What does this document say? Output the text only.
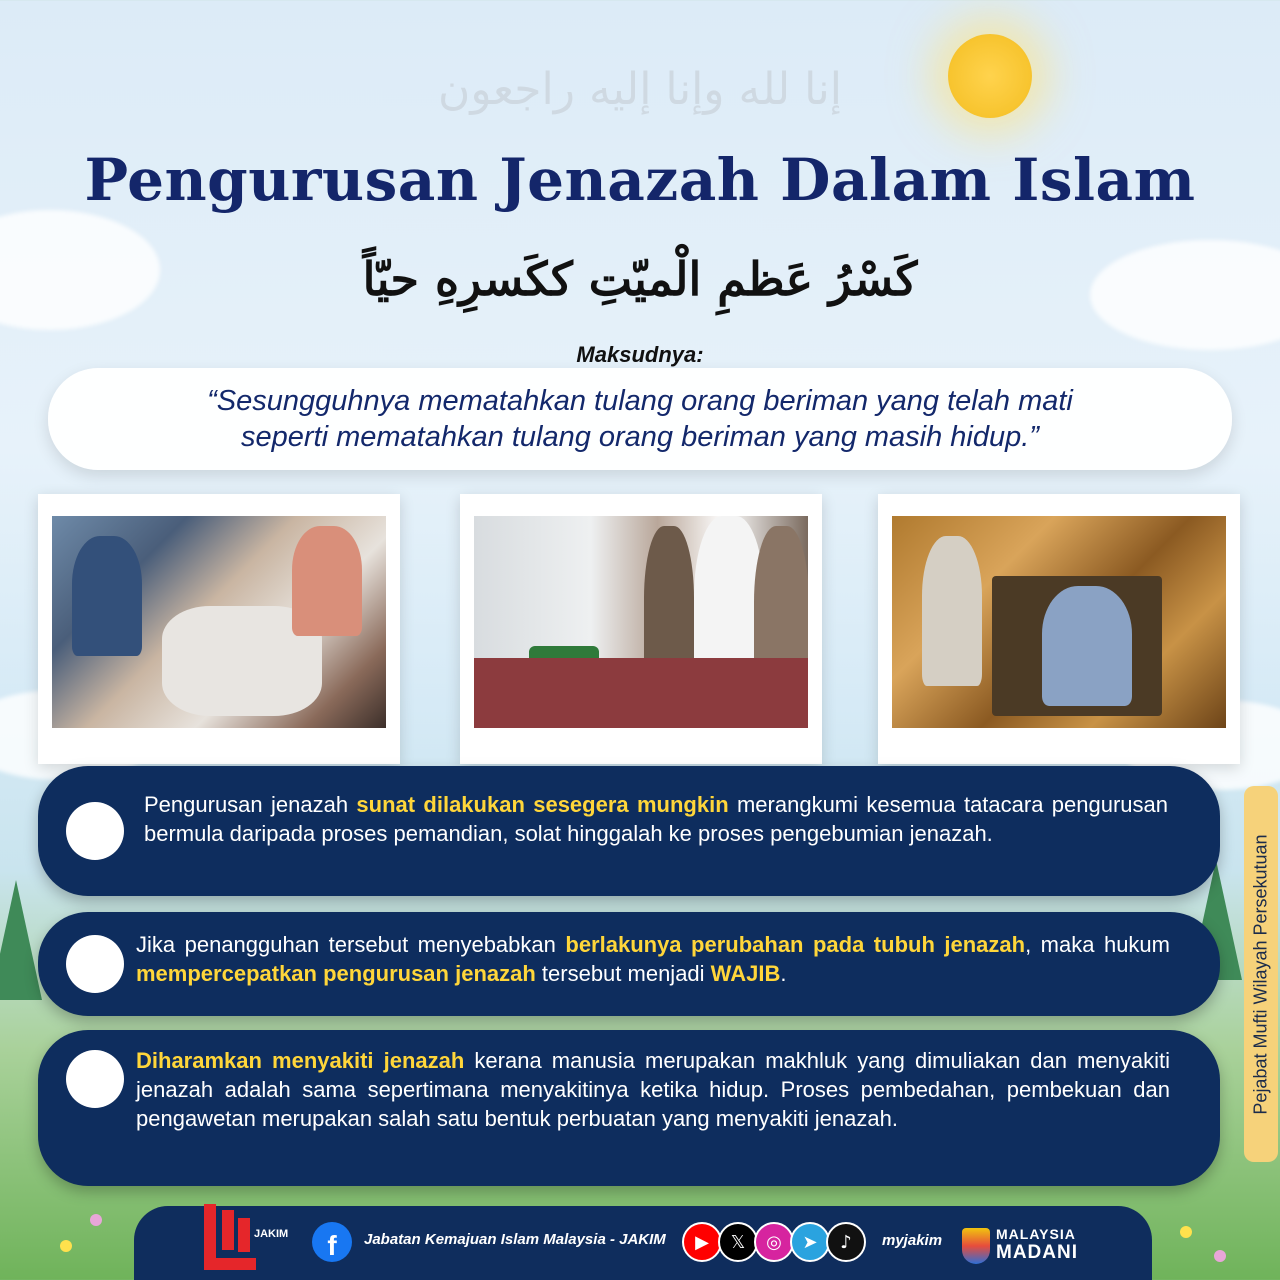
إنا لله وإنا إليه راجعون
Pengurusan Jenazah Dalam Islam
كَسْرُ عَظمِ الْميّتِ ككَسرِهِ حيّاً
Maksudnya:
“Sesungguhnya mematahkan tulang orang beriman yang telah mati
seperti mematahkan tulang orang beriman yang masih hidup.”
Pengurusan jenazah sunat dilakukan sesegera mungkin merangkumi kesemua tatacara pengurusan bermula daripada proses pemandian, solat hinggalah ke proses pengebumian jenazah.
Jika penangguhan tersebut menyebabkan berlakunya perubahan pada tubuh jenazah, maka hukum mempercepatkan pengurusan jenazah tersebut menjadi WAJIB.
Diharamkan menyakiti jenazah kerana manusia merupakan makhluk yang dimuliakan dan menyakiti jenazah adalah sama sepertimana menyakitinya ketika hidup. Proses pembedahan, pembekuan dan pengawetan merupakan salah satu bentuk perbuatan yang menyakiti jenazah.
Pejabat Mufti Wilayah Persekutuan
JAKIM f Jabatan Kemajuan Islam Malaysia - JAKIM	▶	𝕏	◎	➤	♪	myjakim	MALAYSIA
MADANI
